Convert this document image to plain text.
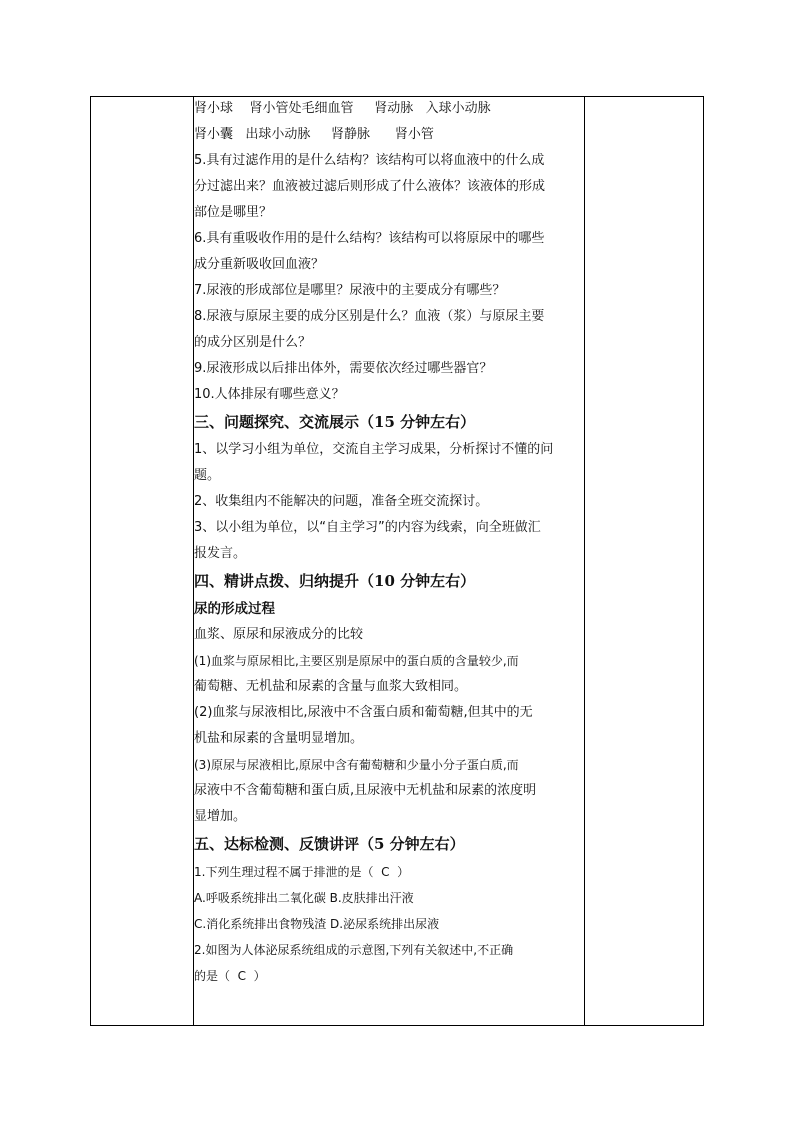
肾小球    肾小管处毛细血管     肾动脉   入球小动脉
肾小囊   出球小动脉     肾静脉      肾小管
5.具有过滤作用的是什么结构？该结构可以将血液中的什么成
分过滤出来？血液被过滤后则形成了什么液体？该液体的形成
部位是哪里？
6.具有重吸收作用的是什么结构？该结构可以将原尿中的哪些
成分重新吸收回血液？
7.尿液的形成部位是哪里？尿液中的主要成分有哪些？
8.尿液与原尿主要的成分区别是什么？血液（浆）与原尿主要
的成分区别是什么？
9.尿液形成以后排出体外，需要依次经过哪些器官？
10.人体排尿有哪些意义？
三、问题探究、交流展示（15 分钟左右）
1、以学习小组为单位，交流自主学习成果，分析探讨不懂的问
题。
2、收集组内不能解决的问题，准备全班交流探讨。
3、以小组为单位，以“自主学习”的内容为线索，向全班做汇
报发言。
四、精讲点拨、归纳提升（10 分钟左右）
尿的形成过程
血浆、原尿和尿液成分的比较
(1)血浆与原尿相比,主要区别是原尿中的蛋白质的含量较少,而
葡萄糖、无机盐和尿素的含量与血浆大致相同。
(2)血浆与尿液相比,尿液中不含蛋白质和葡萄糖,但其中的无
机盐和尿素的含量明显增加。
(3)原尿与尿液相比,原尿中含有葡萄糖和少量小分子蛋白质,而
尿液中不含葡萄糖和蛋白质,且尿液中无机盐和尿素的浓度明
显增加。
五、达标检测、反馈讲评（5 分钟左右）
1.下列生理过程不属于排泄的是（  C  ）
A.呼吸系统排出二氧化碳 B.皮肤排出汗液
C.消化系统排出食物残渣 D.泌尿系统排出尿液
2.如图为人体泌尿系统组成的示意图,下列有关叙述中,不正确
的是（  C  ）
